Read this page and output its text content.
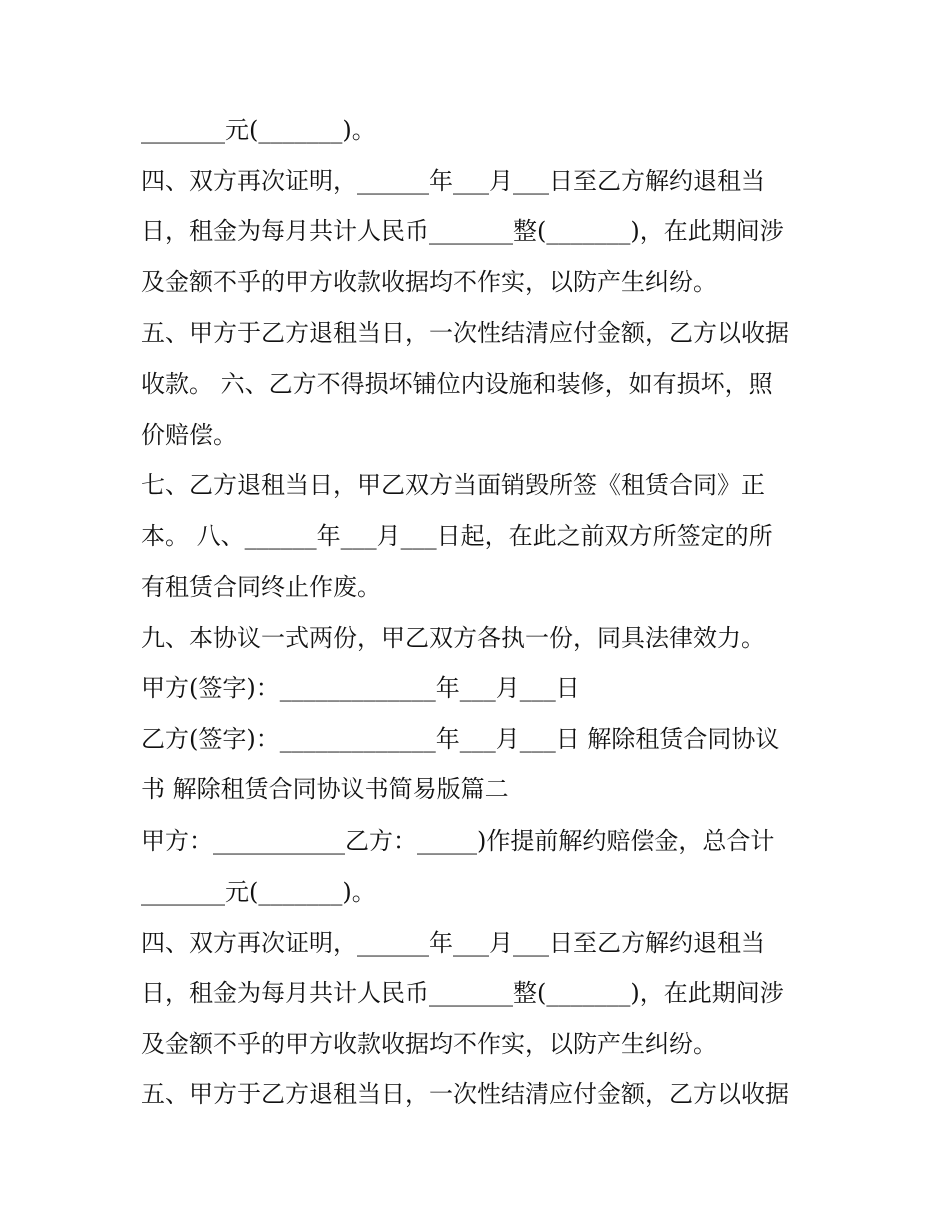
_______元(_______)。
四、双方再次证明，______年___月___日至乙方解约退租当
日，租金为每月共计人民币_______整(_______)，在此期间涉
及金额不乎的甲方收款收据均不作实，以防产生纠纷。
五、甲方于乙方退租当日，一次性结清应付金额，乙方以收据
收款。 六、乙方不得损坏铺位内设施和装修，如有损坏，照
价赔偿。
七、乙方退租当日，甲乙双方当面销毁所签《租赁合同》正
本。 八、______年___月___日起，在此之前双方所签定的所
有租赁合同终止作废。
九、本协议一式两份，甲乙双方各执一份，同具法律效力。
甲方(签字)：_____________年___月___日
乙方(签字)：_____________年___月___日 解除租赁合同协议
书 解除租赁合同协议书简易版篇二
甲方：___________乙方：_____)作提前解约赔偿金，总合计
_______元(_______)。
四、双方再次证明，______年___月___日至乙方解约退租当
日，租金为每月共计人民币_______整(_______)，在此期间涉
及金额不乎的甲方收款收据均不作实，以防产生纠纷。
五、甲方于乙方退租当日，一次性结清应付金额，乙方以收据
